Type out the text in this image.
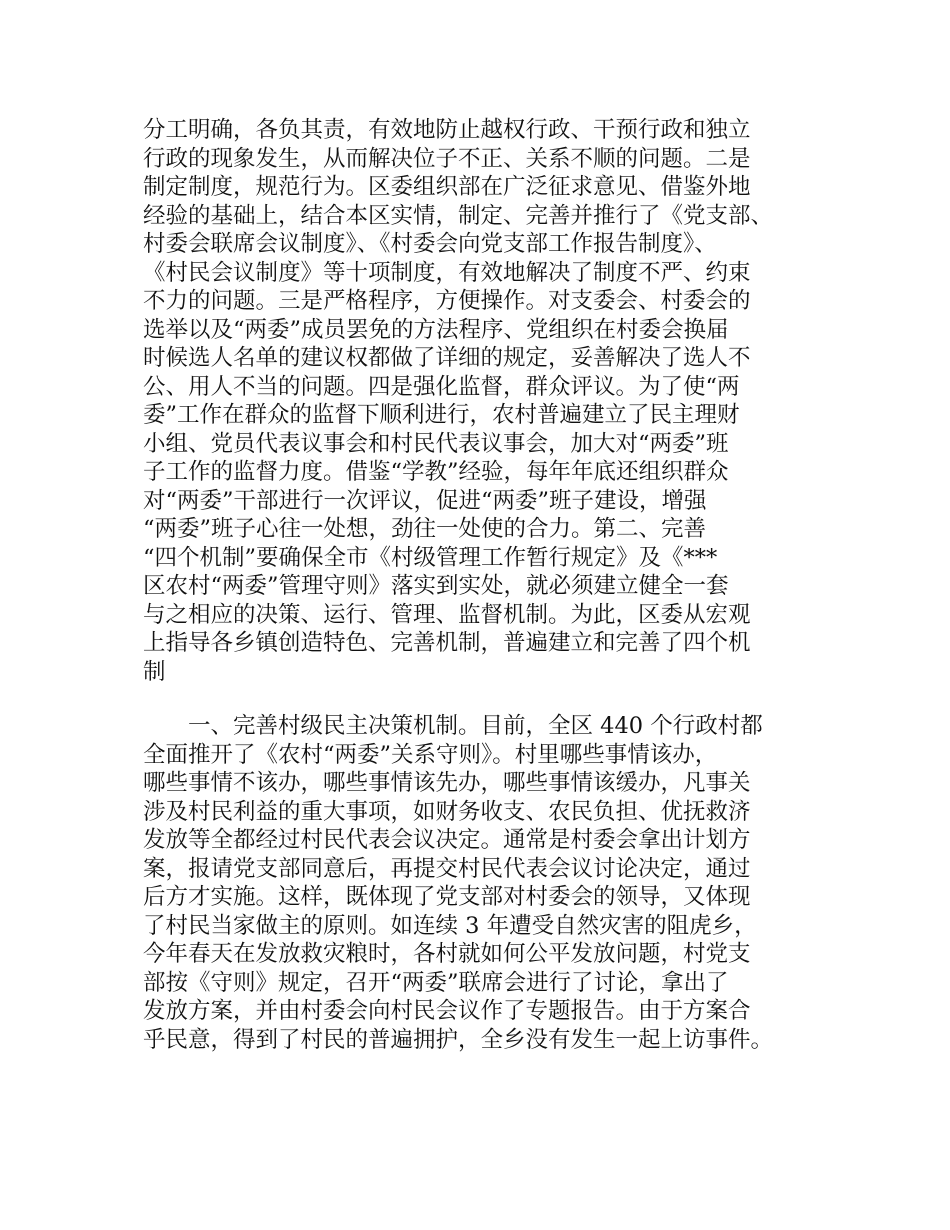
分工明确，各负其责，有效地防止越权行政、干预行政和独立
行政的现象发生，从而解决位子不正、关系不顺的问题。二是
制定制度，规范行为。区委组织部在广泛征求意见、借鉴外地
经验的基础上，结合本区实情，制定、完善并推行了《党支部、
村委会联席会议制度》、《村委会向党支部工作报告制度》、
《村民会议制度》等十项制度，有效地解决了制度不严、约束
不力的问题。三是严格程序，方便操作。对支委会、村委会的
选举以及“两委”成员罢免的方法程序、党组织在村委会换届
时候选人名单的建议权都做了详细的规定，妥善解决了选人不
公、用人不当的问题。四是强化监督，群众评议。为了使“两
委”工作在群众的监督下顺利进行，农村普遍建立了民主理财
小组、党员代表议事会和村民代表议事会，加大对“两委”班
子工作的监督力度。借鉴“学教”经验，每年年底还组织群众
对“两委”干部进行一次评议，促进“两委”班子建设，增强
“两委”班子心往一处想，劲往一处使的合力。第二、完善
“四个机制”要确保全市《村级管理工作暂行规定》及《***
区农村“两委”管理守则》落实到实处，就必须建立健全一套
与之相应的决策、运行、管理、监督机制。为此，区委从宏观
上指导各乡镇创造特色、完善机制，普遍建立和完善了四个机
制
　　一、完善村级民主决策机制。目前，全区 440 个行政村都
全面推开了《农村“两委”关系守则》。村里哪些事情该办，
哪些事情不该办，哪些事情该先办，哪些事情该缓办，凡事关
涉及村民利益的重大事项，如财务收支、农民负担、优抚救济
发放等全都经过村民代表会议决定。通常是村委会拿出计划方
案，报请党支部同意后，再提交村民代表会议讨论决定，通过
后方才实施。这样，既体现了党支部对村委会的领导，又体现
了村民当家做主的原则。如连续 3 年遭受自然灾害的阻虎乡，
今年春天在发放救灾粮时，各村就如何公平发放问题，村党支
部按《守则》规定，召开“两委”联席会进行了讨论，拿出了
发放方案，并由村委会向村民会议作了专题报告。由于方案合
乎民意，得到了村民的普遍拥护，全乡没有发生一起上访事件。
